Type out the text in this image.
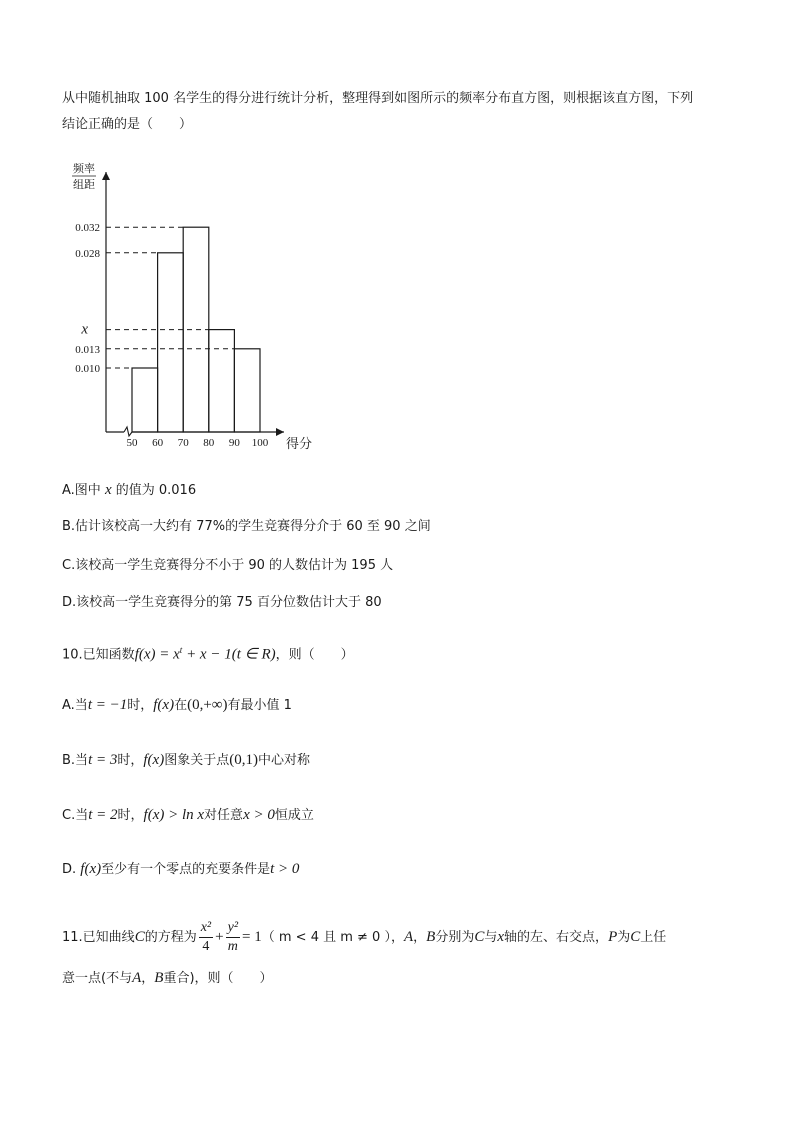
从中随机抽取 100 名学生的得分进行统计分析，整理得到如图所示的频率分布直方图，则根据该直方图，下列
结论正确的是（　　）
频率
组距
得分
0.032
0.028
x
0.013
0.010
50 60 70 80 90 100
A.图中 x 的值为 0.016
B.估计该校高一大约有 77%的学生竞赛得分介于 60 至 90 之间
C.该校高一学生竞赛得分不小于 90 的人数估计为 195 人
D.该校高一学生竞赛得分的第 75 百分位数估计大于 80
10.已知函数$f(x) = x^t + x - 1(t$ ∈ R)，则（　　）
A.当t = −1时，f(x)在(0,+∞)有最小值 1
B.当t = 3时，f(x)图象关于点(0,1)中心对称
C.当t = 2时，f(x) > ln x对任意x > 0恒成立
D. f(x)至少有一个零点的充要条件是t > 0
11.已知曲线C的方程为 $\frac{\text{x²}}{4} + \frac{\text{y²}}{m} = 1$（ m < 4 且 m ≠ 0 ），A，B分别为C与x轴的左、右交点，P为C上任
意一点(不与A，B重合)，则（　　）
